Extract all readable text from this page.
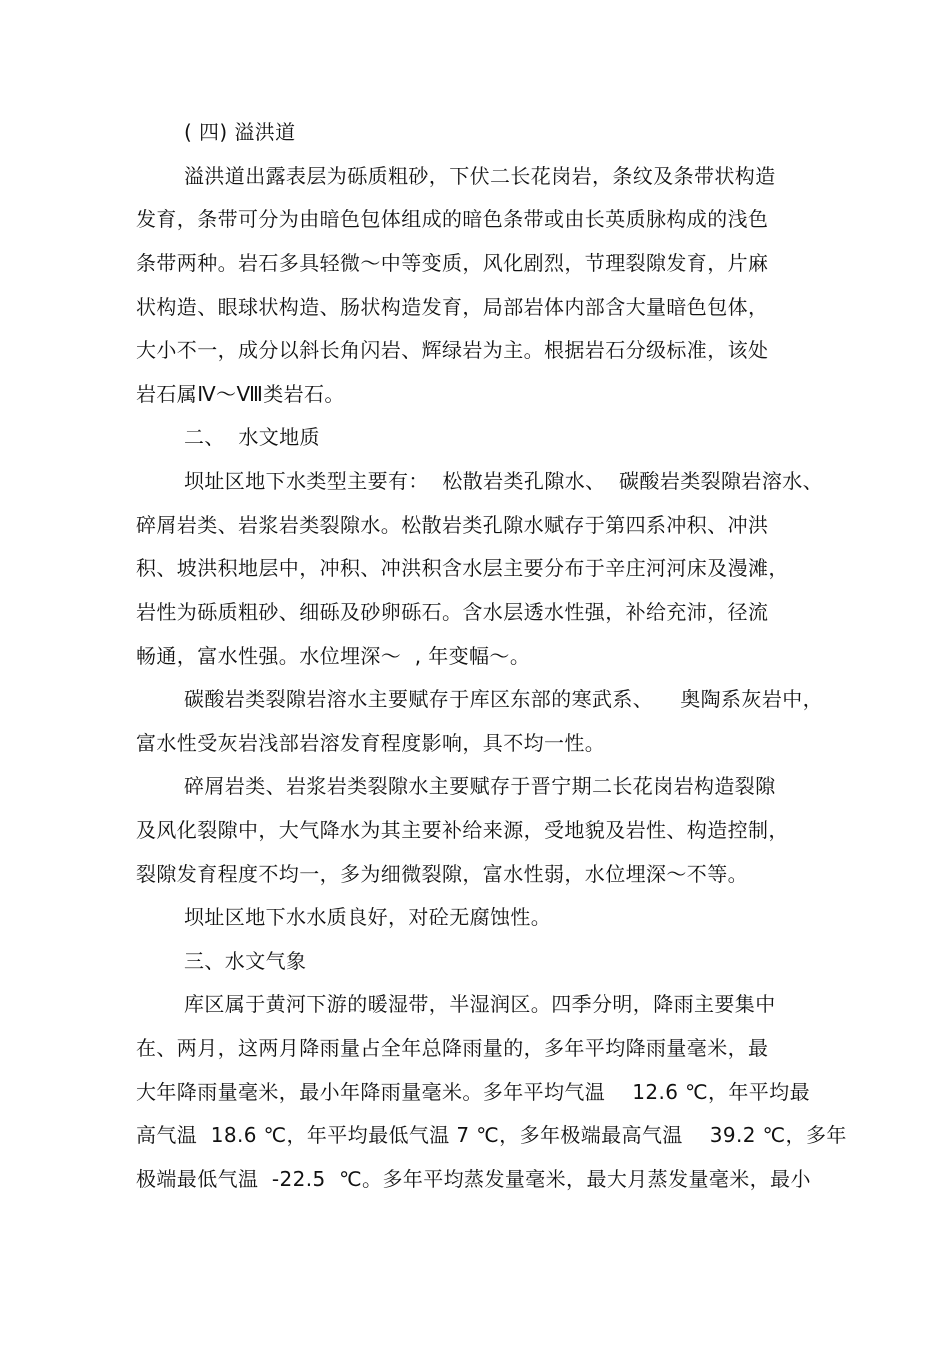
( 四) 溢洪道
溢洪道出露表层为砾质粗砂，下伏二长花岗岩，条纹及条带状构造
发育，条带可分为由暗色包体组成的暗色条带或由长英质脉构成的浅色
条带两种。岩石多具轻微～中等变质，风化剧烈，节理裂隙发育，片麻
状构造、眼球状构造、肠状构造发育，局部岩体内部含大量暗色包体，
大小不一，成分以斜长角闪岩、辉绿岩为主。根据岩石分级标准，该处
岩石属Ⅳ～Ⅷ类岩石。
二、  水文地质
坝址区地下水类型主要有：  松散岩类孔隙水、  碳酸岩类裂隙岩溶水、
碎屑岩类、岩浆岩类裂隙水。松散岩类孔隙水赋存于第四系冲积、冲洪
积、坡洪积地层中，冲积、冲洪积含水层主要分布于辛庄河河床及漫滩，
岩性为砾质粗砂、细砾及砂卵砾石。含水层透水性强，补给充沛，径流
畅通，富水性强。水位埋深～  , 年变幅～。
碳酸岩类裂隙岩溶水主要赋存于库区东部的寒武系、    奥陶系灰岩中，
富水性受灰岩浅部岩溶发育程度影响，具不均一性。
碎屑岩类、岩浆岩类裂隙水主要赋存于晋宁期二长花岗岩构造裂隙
及风化裂隙中，大气降水为其主要补给来源，受地貌及岩性、构造控制，
裂隙发育程度不均一，多为细微裂隙，富水性弱，水位埋深～不等。
坝址区地下水水质良好，对砼无腐蚀性。
三、水文气象
库区属于黄河下游的暖湿带，半湿润区。四季分明，降雨主要集中
在、两月，这两月降雨量占全年总降雨量的，多年平均降雨量毫米，最
大年降雨量毫米，最小年降雨量毫米。多年平均气温    12.6 ℃，年平均最
高气温  18.6 ℃，年平均最低气温 7 ℃，多年极端最高气温    39.2 ℃，多年
极端最低气温  -22.5  ℃。多年平均蒸发量毫米，最大月蒸发量毫米，最小
